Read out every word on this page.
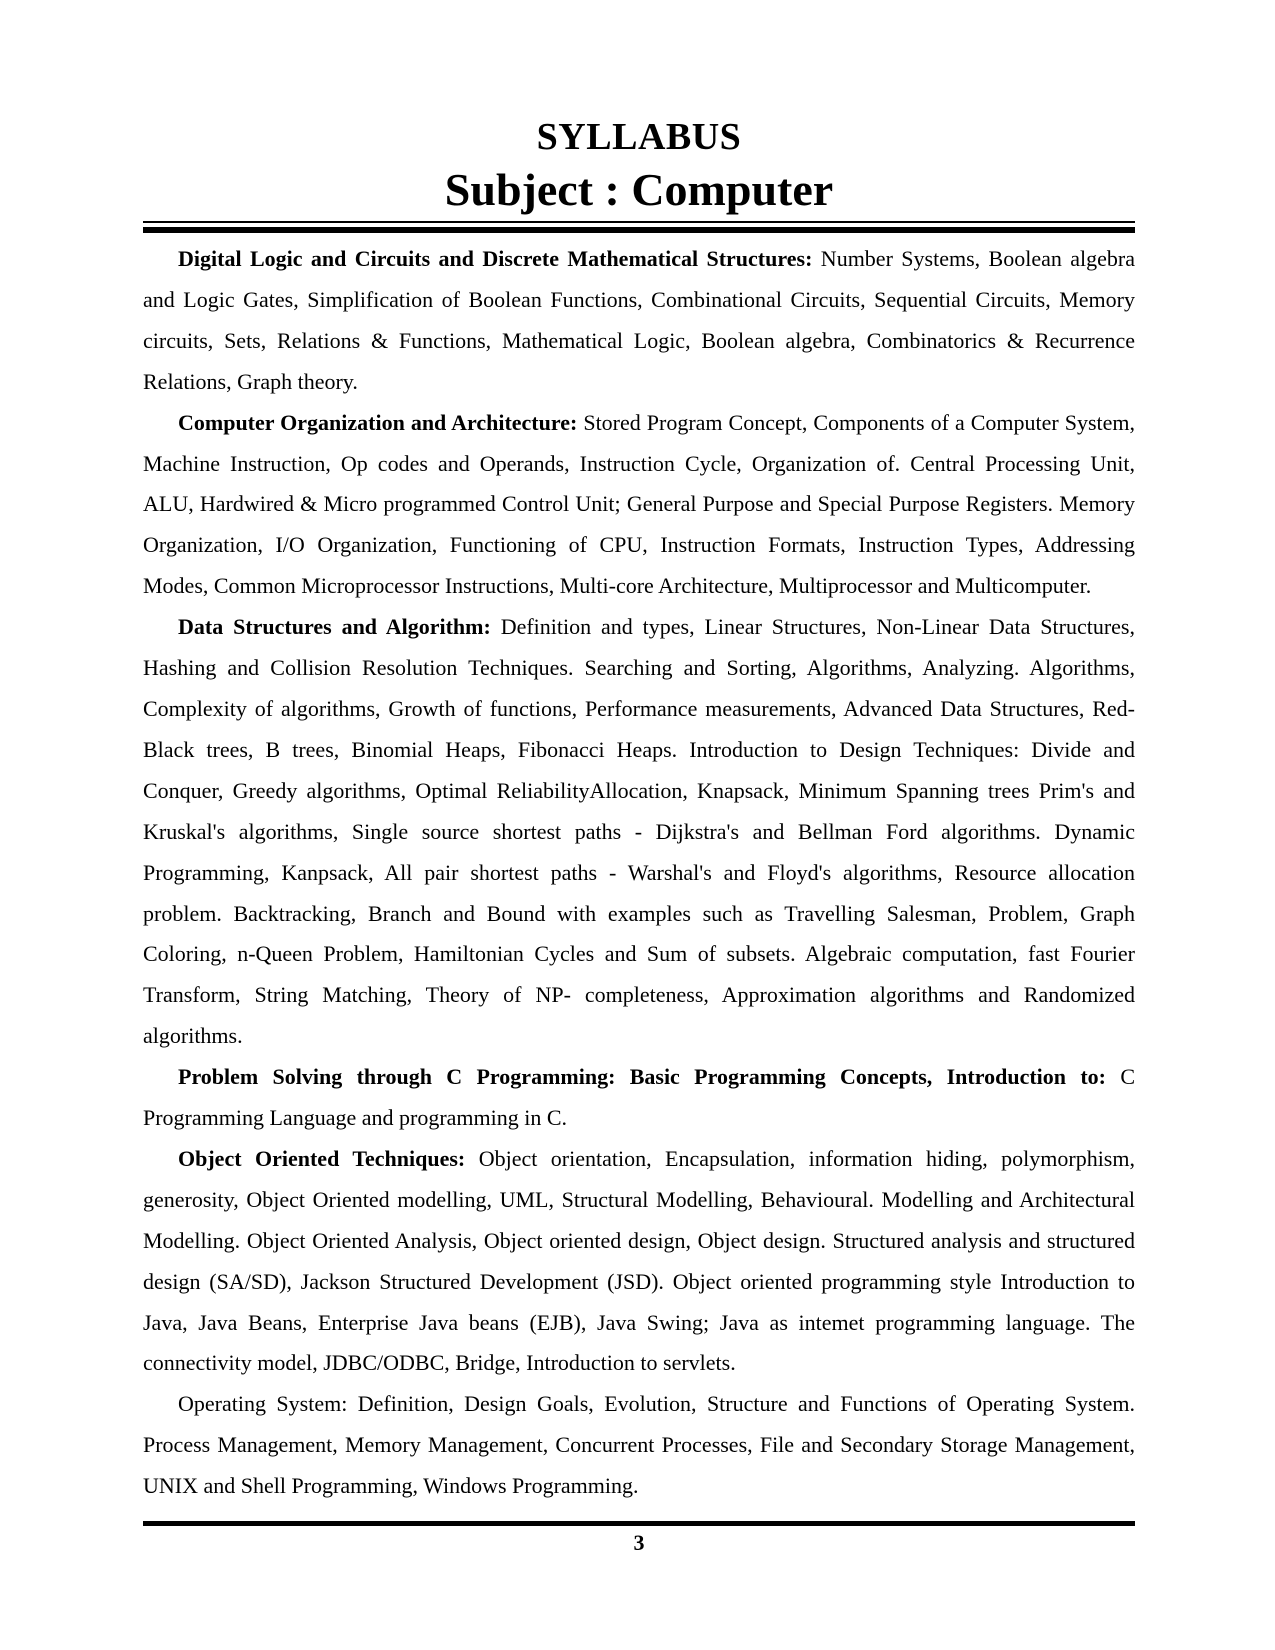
SYLLABUS
Subject : Computer

Digital Logic and Circuits and Discrete Mathematical Structures: Number Systems, Boolean algebra and Logic Gates, Simplification of Boolean Functions, Combinational Circuits, Sequential Circuits, Memory circuits, Sets, Relations & Functions, Mathematical Logic, Boolean algebra, Combinatorics & Recurrence Relations, Graph theory.

Computer Organization and Architecture: Stored Program Concept, Components of a Computer System, Machine Instruction, Op codes and Operands, Instruction Cycle, Organization of. Central Processing Unit, ALU, Hardwired & Micro programmed Control Unit; General Purpose and Special Purpose Registers. Memory Organization, I/O Organization, Functioning of CPU, Instruction Formats, Instruction Types, Addressing Modes, Common Microprocessor Instructions, Multi-core Architecture, Multiprocessor and Multicomputer.

Data Structures and Algorithm: Definition and types, Linear Structures, Non-Linear Data Structures, Hashing and Collision Resolution Techniques. Searching and Sorting, Algorithms, Analyzing. Algorithms, Complexity of algorithms, Growth of functions, Performance measurements, Advanced Data Structures, Red-Black trees, B trees, Binomial Heaps, Fibonacci Heaps. Introduction to Design Techniques: Divide and Conquer, Greedy algorithms, Optimal ReliabilityAllocation, Knapsack, Minimum Spanning trees Prim's and Kruskal's algorithms, Single source shortest paths - Dijkstra's and Bellman Ford algorithms. Dynamic Programming, Kanpsack, All pair shortest paths - Warshal's and Floyd's algorithms, Resource allocation problem. Backtracking, Branch and Bound with examples such as Travelling Salesman, Problem, Graph Coloring, n-Queen Problem, Hamiltonian Cycles and Sum of subsets. Algebraic computation, fast Fourier Transform, String Matching, Theory of NP- completeness, Approximation algorithms and Randomized algorithms.

Problem Solving through C Programming: Basic Programming Concepts, Introduction to: C Programming Language and programming in C.

Object Oriented Techniques: Object orientation, Encapsulation, information hiding, polymorphism, generosity, Object Oriented modelling, UML, Structural Modelling, Behavioural. Modelling and Architectural Modelling. Object Oriented Analysis, Object oriented design, Object design. Structured analysis and structured design (SA/SD), Jackson Structured Development (JSD). Object oriented programming style Introduction to Java, Java Beans, Enterprise Java beans (EJB), Java Swing; Java as intemet programming language. The connectivity model, JDBC/ODBC, Bridge, Introduction to servlets.

Operating System: Definition, Design Goals, Evolution, Structure and Functions of Operating System. Process Management, Memory Management, Concurrent Processes, File and Secondary Storage Management, UNIX and Shell Programming, Windows Programming.

3
